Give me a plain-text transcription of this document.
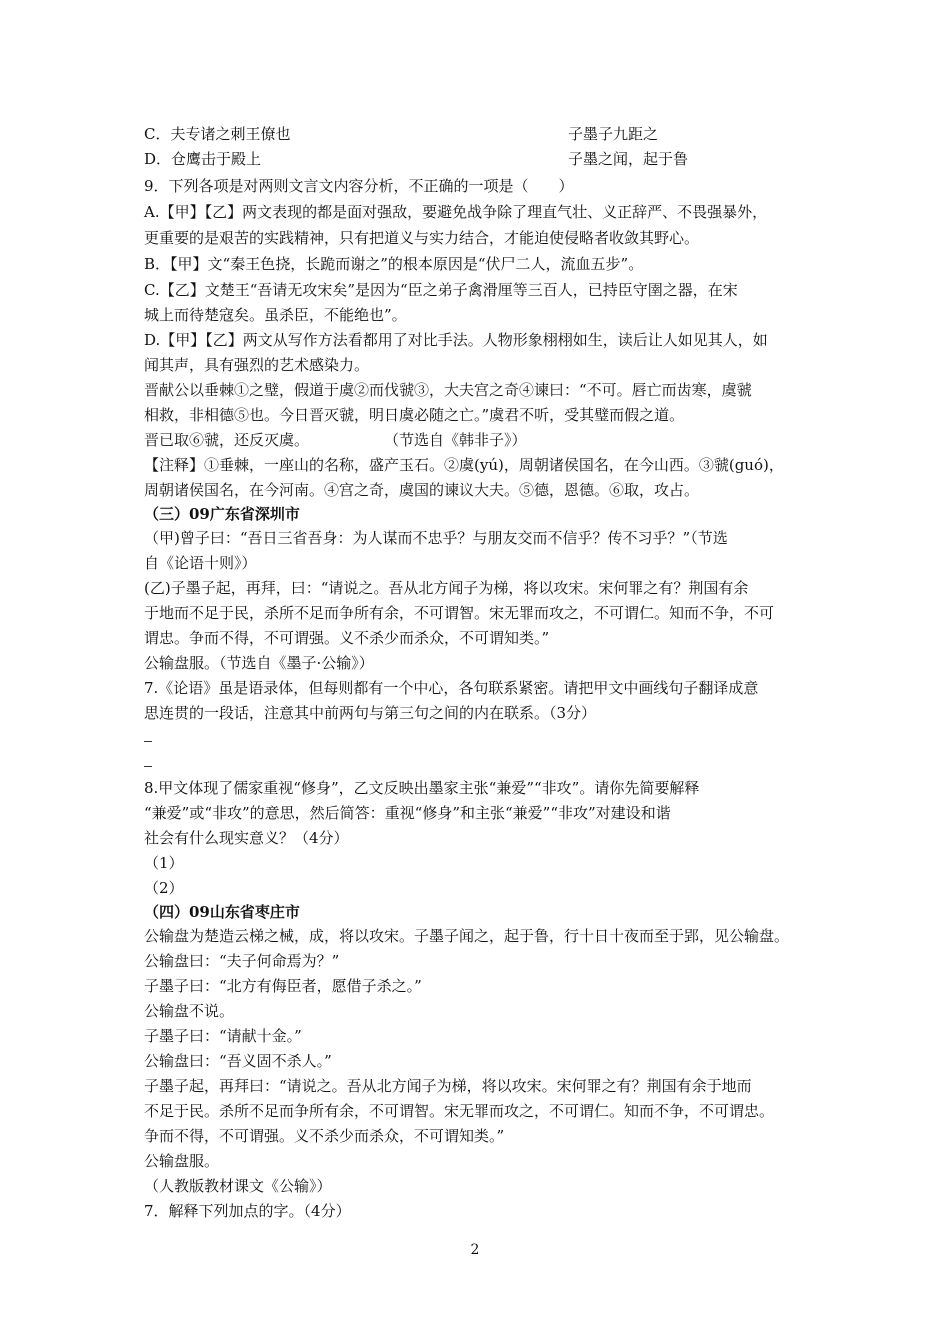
C．夫专诸之刺王僚也	子墨子九距之
D．仓鹰击于殿上	子墨之闻，起于鲁
9．下列各项是对两则文言文内容分析，不正确的一项是（　　）
A.【甲】【乙】两文表现的都是面对强敌，要避免战争除了理直气壮、义正辞严、不畏强暴外，
更重要的是艰苦的实践精神，只有把道义与实力结合，才能迫使侵略者收敛其野心。
B．【甲】文“秦王色挠，长跪而谢之”的根本原因是“伏尸二人，流血五步”。
C.【乙】文楚王“吾请无攻宋矣”是因为“臣之弟子禽滑厘等三百人，已持臣守圉之器，在宋
城上而待楚寇矣。虽杀臣，不能绝也”。
D.【甲】【乙】两文从写作方法看都用了对比手法。人物形象栩栩如生，读后让人如见其人，如
闻其声，具有强烈的艺术感染力。
晋献公以垂棘①之璧，假道于虞②而伐虢③，大夫宫之奇④谏曰：“不可。唇亡而齿寒，虞虢
相救，非相德⑤也。今日晋灭虢，明日虞必随之亡。”虞君不听，受其璧而假之道。
晋已取⑥虢，还反灭虞。　　　　　　（节选自《韩非子》）
【注释】①垂棘，一座山的名称，盛产玉石。②虞(yú)，周朝诸侯国名，在今山西。③虢(guó)，
周朝诸侯国名，在今河南。④宫之奇，虞国的谏议大夫。⑤德，恩德。⑥取，攻占。
（三）09广东省深圳市
（甲)曾子曰：“吾日三省吾身：为人谋而不忠乎？与朋友交而不信乎？传不习乎？”（节选
自《论语十则》）
(乙)子墨子起，再拜，曰：“请说之。吾从北方闻子为梯，将以攻宋。宋何罪之有？荆国有余
于地而不足于民，杀所不足而争所有余，不可谓智。宋无罪而攻之，不可谓仁。知而不争，不可
谓忠。争而不得，不可谓强。义不杀少而杀众，不可谓知类。”
公输盘服。（节选自《墨子·公输》）
7.《论语》虽是语录体，但每则都有一个中心，各句联系紧密。请把甲文中画线句子翻译成意
思连贯的一段话，注意其中前两句与第三句之间的内在联系。（3分）
8.甲文体现了儒家重视“修身”，乙文反映出墨家主张“兼爱”“非攻”。请你先简要解释
“兼爱”或“非攻”的意思，然后简答：重视“修身”和主张“兼爱”“非攻”对建设和谐
社会有什么现实意义？（4分）
（1）
（2）
（四）09山东省枣庄市
公输盘为楚造云梯之械，成，将以攻宋。子墨子闻之，起于鲁，行十日十夜而至于郢，见公输盘。
公输盘曰：“夫子何命焉为？”
子墨子曰：“北方有侮臣者，愿借子杀之。”
公输盘不说。
子墨子曰：“请献十金。”
公输盘曰：“吾义固不杀人。”
子墨子起，再拜曰：“请说之。吾从北方闻子为梯，将以攻宋。宋何罪之有？荆国有余于地而
不足于民。杀所不足而争所有余，不可谓智。宋无罪而攻之，不可谓仁。知而不争，不可谓忠。
争而不得，不可谓强。义不杀少而杀众，不可谓知类。”
公输盘服。
（人教版教材课文《公输》）
7．解释下列加点的字。（4分）
2
